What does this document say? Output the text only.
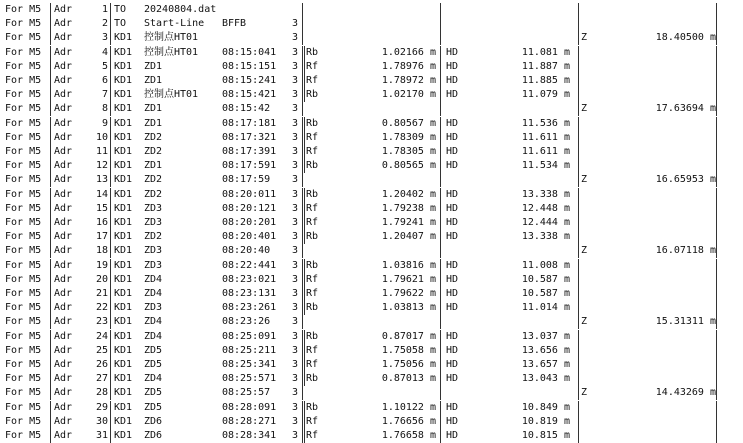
For M5	Adr	1 TO	20240804.dat
For M5	Adr	2 TO	Start-Line	BFFB	3
For M5	Adr	3 KD1	控制点HT01	3	Z	18.40500 m
For M5	Adr	4 KD1	控制点HT01	08:15:041	3 Rb	1.02166 m HD	11.081 m
For M5	Adr	5 KD1	ZD1	08:15:151	3 Rf	1.78976 m HD	11.887 m
For M5	Adr	6 KD1	ZD1	08:15:241	3 Rf	1.78972 m HD	11.885 m
For M5	Adr	7 KD1	控制点HT01	08:15:421	3 Rb	1.02170 m HD	11.079 m
For M5	Adr	8 KD1	ZD1	08:15:42	3	Z	17.63694 m
For M5	Adr	9 KD1	ZD1	08:17:181	3 Rb	0.80567 m HD	11.536 m
For M5	Adr	10 KD1	ZD2	08:17:321	3 Rf	1.78309 m HD	11.611 m
For M5	Adr	11 KD1	ZD2	08:17:391	3 Rf	1.78305 m HD	11.611 m
For M5	Adr	12 KD1	ZD1	08:17:591	3 Rb	0.80565 m HD	11.534 m
For M5	Adr	13 KD1	ZD2	08:17:59	3	Z	16.65953 m
For M5	Adr	14 KD1	ZD2	08:20:011	3 Rb	1.20402 m HD	13.338 m
For M5	Adr	15 KD1	ZD3	08:20:121	3 Rf	1.79238 m HD	12.448 m
For M5	Adr	16 KD1	ZD3	08:20:201	3 Rf	1.79241 m HD	12.444 m
For M5	Adr	17 KD1	ZD2	08:20:401	3 Rb	1.20407 m HD	13.338 m
For M5	Adr	18 KD1	ZD3	08:20:40	3	Z	16.07118 m
For M5	Adr	19 KD1	ZD3	08:22:441	3 Rb	1.03816 m HD	11.008 m
For M5	Adr	20 KD1	ZD4	08:23:021	3 Rf	1.79621 m HD	10.587 m
For M5	Adr	21 KD1	ZD4	08:23:131	3 Rf	1.79622 m HD	10.587 m
For M5	Adr	22 KD1	ZD3	08:23:261	3 Rb	1.03813 m HD	11.014 m
For M5	Adr	23 KD1	ZD4	08:23:26	3	Z	15.31311 m
For M5	Adr	24 KD1	ZD4	08:25:091	3 Rb	0.87017 m HD	13.037 m
For M5	Adr	25 KD1	ZD5	08:25:211	3 Rf	1.75058 m HD	13.656 m
For M5	Adr	26 KD1	ZD5	08:25:341	3 Rf	1.75056 m HD	13.657 m
For M5	Adr	27 KD1	ZD4	08:25:571	3 Rb	0.87013 m HD	13.043 m
For M5	Adr	28 KD1	ZD5	08:25:57	3	Z	14.43269 m
For M5	Adr	29 KD1	ZD5	08:28:091	3 Rb	1.10122 m HD	10.849 m
For M5	Adr	30 KD1	ZD6	08:28:271	3 Rf	1.76656 m HD	10.819 m
For M5	Adr	31 KD1	ZD6	08:28:341	3 Rf	1.76658 m HD	10.815 m
